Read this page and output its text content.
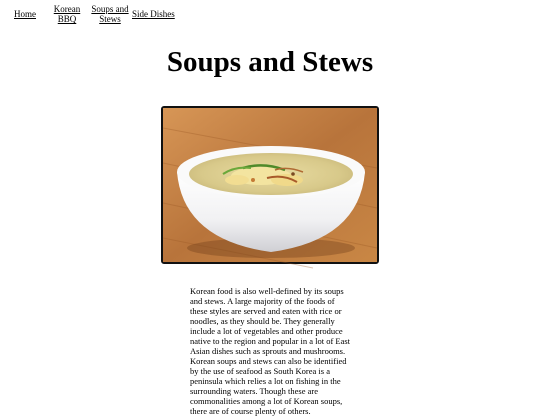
Home	Korean BBQ
Soups and Stews	Side Dishes
Soups and Stews

Korean food is also well-defined by its soups and stews. A large majority of the foods of these styles are served and eaten with rice or noodles, as they should be. They generally include a lot of vegetables and other produce native to the region and popular in a lot of East Asian dishes such as sprouts and mushrooms. Korean soups and stews can also be identified by the use of seafood as South Korea is a peninsula which relies a lot on fishing in the surrounding waters. Though these are commonalities among a lot of Korean soups, there are of course plenty of others.
